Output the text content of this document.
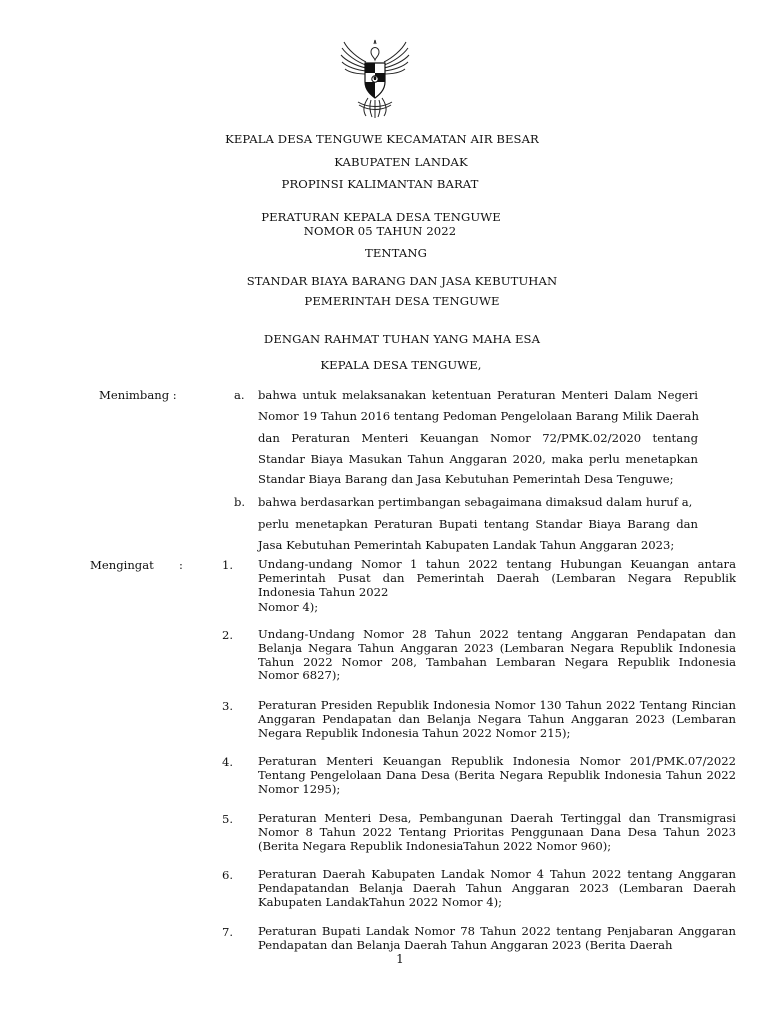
KEPALA DESA TENGUWE KECAMATAN AIR BESAR
KABUPATEN LANDAK
PROPINSI KALIMANTAN BARAT
PERATURAN KEPALA DESA TENGUWE
NOMOR 05 TAHUN 2022
TENTANG
STANDAR BIAYA BARANG DAN JASA KEBUTUHAN
PEMERINTAH DESA TENGUWE
DENGAN RAHMAT TUHAN YANG MAHA ESA
KEPALA DESA TENGUWE,
Menimbang :	a. bahwa untuk melaksanakan ketentuan Peraturan Menteri Dalam Negeri
Nomor 19 Tahun 2016 tentang Pedoman Pengelolaan Barang Milik Daerah
dan Peraturan Menteri Keuangan Nomor 72/PMK.02/2020 tentang
Standar Biaya Masukan Tahun Anggaran 2020, maka perlu menetapkan
Standar Biaya Barang dan Jasa Kebutuhan Pemerintah Desa Tenguwe;
b. bahwa berdasarkan pertimbangan sebagaimana dimaksud dalam huruf a,
perlu menetapkan Peraturan Bupati tentang Standar Biaya Barang dan
Jasa Kebutuhan Pemerintah Kabupaten Landak Tahun Anggaran 2023;
Mengingat :	1. Undang-undang Nomor 1 tahun 2022 tentang Hubungan Keuangan antara Pemerintah Pusat dan Pemerintah Daerah (Lembaran Negara Republik Indonesia Tahun 2022
Nomor 4);
2. Undang-Undang Nomor 28 Tahun 2022 tentang Anggaran Pendapatan dan Belanja Negara Tahun Anggaran 2023 (Lembaran Negara Republik Indonesia Tahun 2022 Nomor 208, Tambahan Lembaran Negara Republik Indonesia Nomor 6827);
3. Peraturan Presiden Republik Indonesia Nomor 130 Tahun 2022 Tentang Rincian Anggaran Pendapatan dan Belanja Negara Tahun Anggaran 2023 (Lembaran Negara Republik Indonesia Tahun 2022 Nomor 215);
4. Peraturan Menteri Keuangan Republik Indonesia Nomor 201/PMK.07/2022 Tentang Pengelolaan Dana Desa (Berita Negara Republik Indonesia Tahun 2022 Nomor 1295);
5. Peraturan Menteri Desa, Pembangunan Daerah Tertinggal dan Transmigrasi Nomor 8 Tahun 2022 Tentang Prioritas Penggunaan Dana Desa Tahun 2023 (Berita Negara Republik IndonesiaTahun 2022 Nomor 960);
6. Peraturan Daerah Kabupaten Landak Nomor 4 Tahun 2022 tentang Anggaran Pendapatandan Belanja Daerah Tahun Anggaran 2023 (Lembaran Daerah Kabupaten LandakTahun 2022 Nomor 4);
7. Peraturan Bupati Landak Nomor 78 Tahun 2022 tentang Penjabaran Anggaran Pendapatan dan Belanja Daerah Tahun Anggaran 2023 (Berita Daerah
1
